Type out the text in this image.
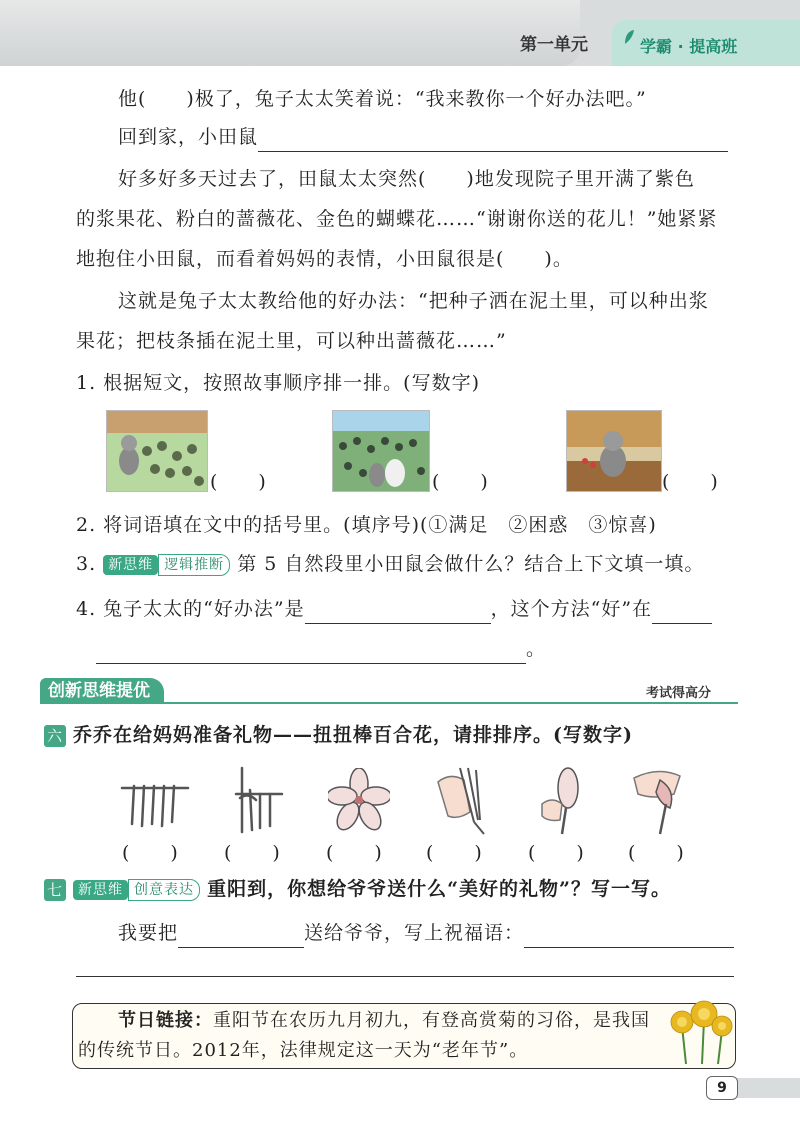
第一单元	学霸 · 提高班
他(　　)极了，兔子太太笑着说：“我来教你一个好办法吧。”
回到家，小田鼠
好多好多天过去了，田鼠太太突然(　　)地发现院子里开满了紫色
的浆果花、粉白的蔷薇花、金色的蝴蝶花……“谢谢你送的花儿！”她紧紧
地抱住小田鼠，而看着妈妈的表情，小田鼠很是(　　)。
这就是兔子太太教给他的好办法：“把种子洒在泥土里，可以种出浆
果花；把枝条插在泥土里，可以种出蔷薇花……”
1. 根据短文，按照故事顺序排一排。(写数字)
(　　)	(　　)	(　　)
2. 将词语填在文中的括号里。(填序号)(①满足　②困惑　③惊喜)
3. 新思维 逻辑推断 第 5 自然段里小田鼠会做什么？结合上下文填一填。
4. 兔子太太的“好办法”是	，这个方法“好”在
。
创新思维提优	考试得高分
六 乔乔在给妈妈准备礼物——扭扭棒百合花，请排排序。(写数字)
(　　) (　　) (　　) (　　) (　　) (　　)
七 新思维 创意表达 重阳到，你想给爷爷送什么“美好的礼物”？写一写。
我要把	送给爷爷，写上祝福语：
节日链接：重阳节在农历九月初九，有登高赏菊的习俗，是我国
的传统节日。2012年，法律规定这一天为“老年节”。
9
